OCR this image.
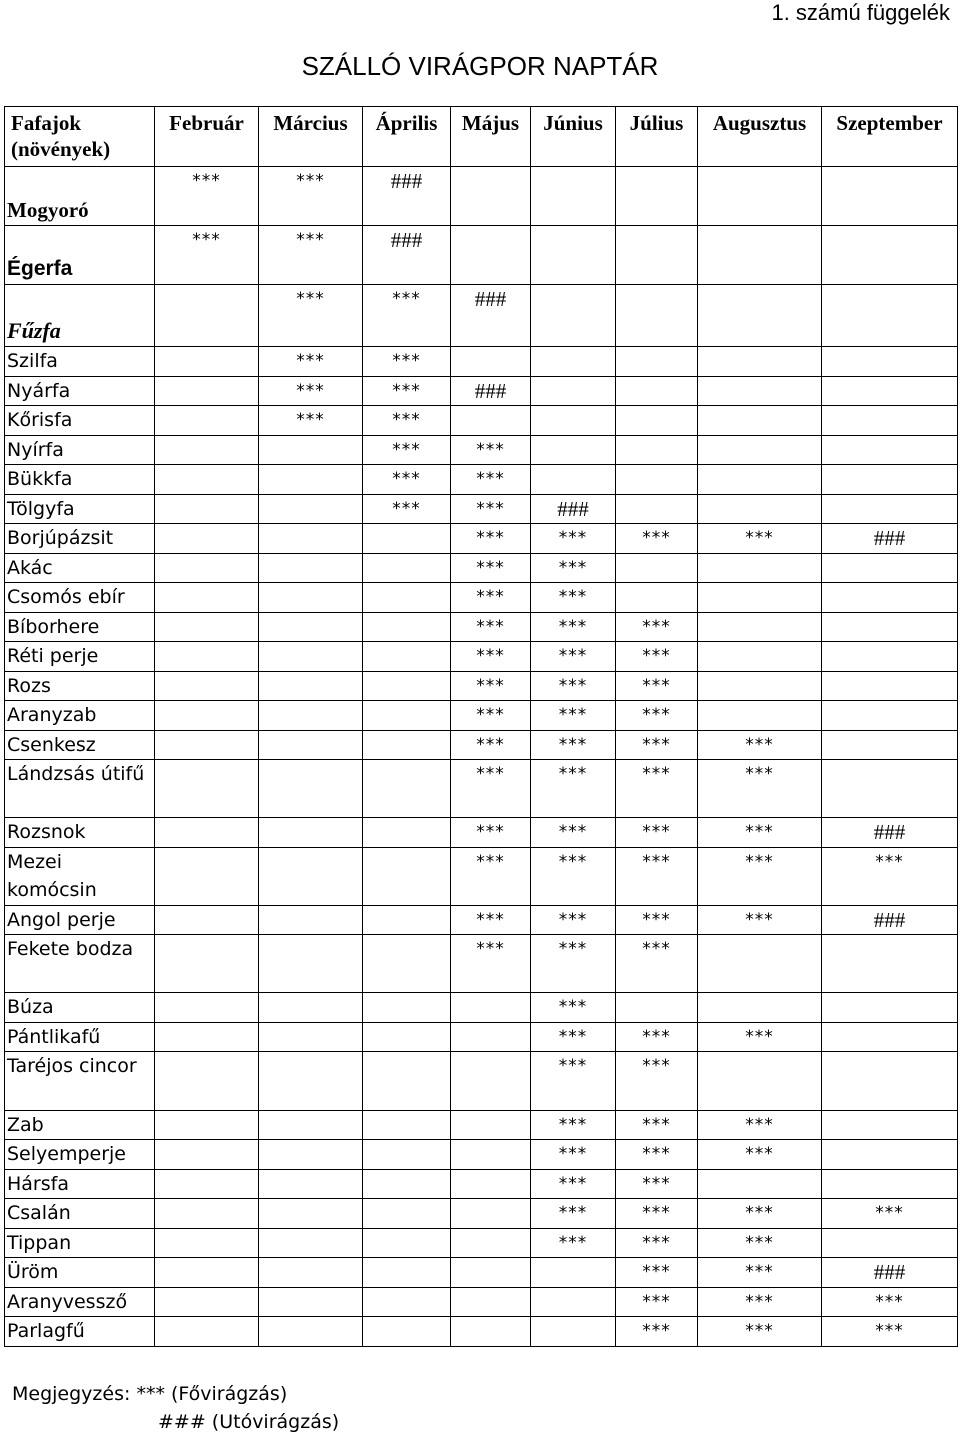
1. számú függelék
SZÁLLÓ VIRÁGPOR NAPTÁR
Fafajok (növények)	Február	Március	Április	Május	Június	Július	Augusztus	Szeptember
Mogyoró	***	***	###					
Égerfa	***	***	###					
Fűzfa		***	***	###				
Szilfa		***	***					
Nyárfa		***	***	###				
Kőrisfa		***	***					
Nyírfa			***	***				
Bükkfa			***	***				
Tölgyfa			***	***	###			
Borjúpázsit				***	***	***	***	###
Akác				***	***			
Csomós ebír				***	***			
Bíborhere				***	***	***		
Réti perje				***	***	***		
Rozs				***	***	***		
Aranyzab				***	***	***		
Csenkesz				***	***	***	***	
Lándzsás útifű				***	***	***	***	
Rozsnok				***	***	***	***	###
Mezei komócsin				***	***	***	***	***
Angol perje				***	***	***	***	###
Fekete bodza				***	***	***		
Búza					***			
Pántlikafű					***	***	***	
Taréjos cincor					***	***		
Zab					***	***	***	
Selyemperje					***	***	***	
Hársfa					***	***		
Csalán					***	***	***	***
Tippan					***	***	***	
Üröm						***	***	###
Aranyvessző						***	***	***
Parlagfű						***	***	***
Megjegyzés: *** (Fővirágzás)
### (Utóvirágzás)
